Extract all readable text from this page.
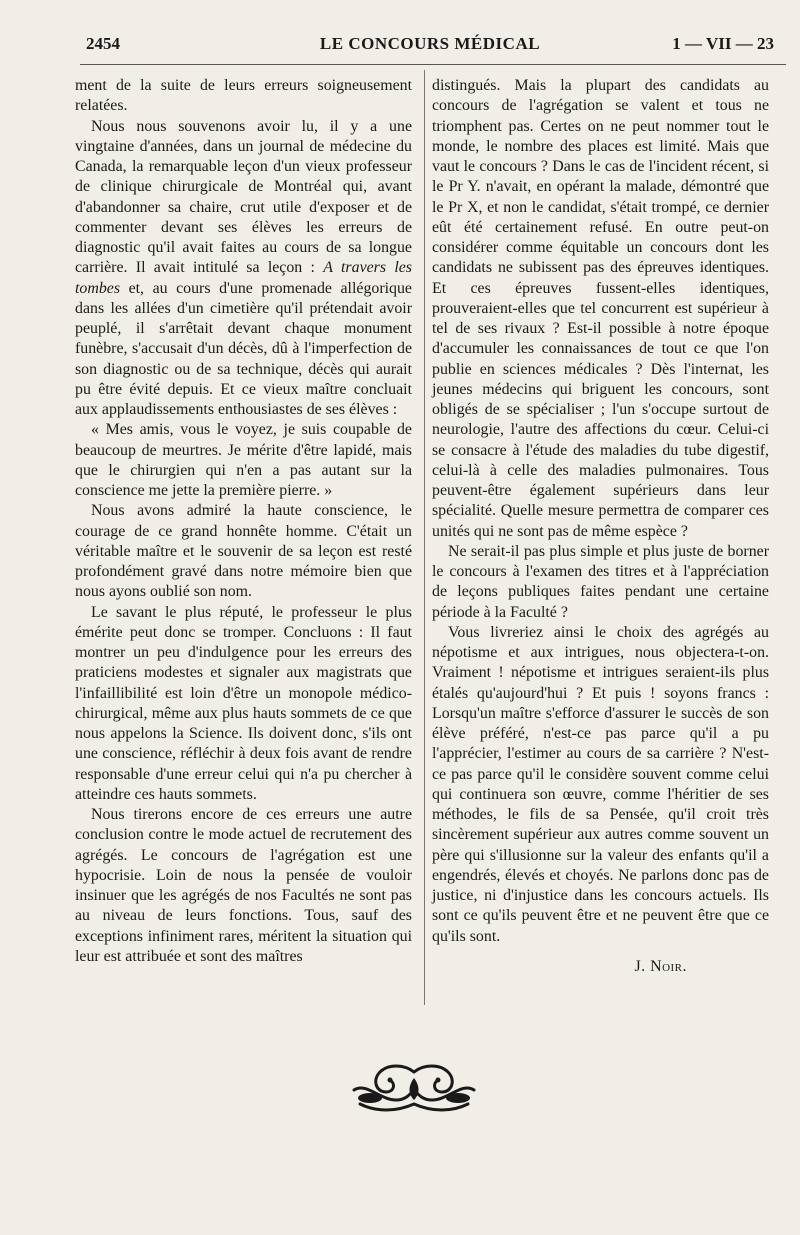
2454	LE CONCOURS MÉDICAL	1 — VII — 23

ment de la suite de leurs erreurs soigneusement relatées.

Nous nous souvenons avoir lu, il y a une vingtaine d'années, dans un journal de médecine du Canada, la remarquable leçon d'un vieux professeur de clinique chirurgicale de Montréal qui, avant d'abandonner sa chaire, crut utile d'exposer et de commenter devant ses élèves les erreurs de diagnostic qu'il avait faites au cours de sa longue carrière. Il avait intitulé sa leçon : A travers les tombes et, au cours d'une promenade allégorique dans les allées d'un cimetière qu'il prétendait avoir peuplé, il s'arrêtait devant chaque monument funèbre, s'accusait d'un décès, dû à l'imperfection de son diagnostic ou de sa technique, décès qui aurait pu être évité depuis. Et ce vieux maître concluait aux applaudissements enthousiastes de ses élèves :

« Mes amis, vous le voyez, je suis coupable de beaucoup de meurtres. Je mérite d'être lapidé, mais que le chirurgien qui n'en a pas autant sur la conscience me jette la première pierre. »

Nous avons admiré la haute conscience, le courage de ce grand honnête homme. C'était un véritable maître et le souvenir de sa leçon est resté profondément gravé dans notre mémoire bien que nous ayons oublié son nom.

Le savant le plus réputé, le professeur le plus émérite peut donc se tromper. Concluons : Il faut montrer un peu d'indulgence pour les erreurs des praticiens modestes et signaler aux magistrats que l'infaillibilité est loin d'être un monopole médico-chirurgical, même aux plus hauts sommets de ce que nous appelons la Science. Ils doivent donc, s'ils ont une conscience, réfléchir à deux fois avant de rendre responsable d'une erreur celui qui n'a pu chercher à atteindre ces hauts sommets.

Nous tirerons encore de ces erreurs une autre conclusion contre le mode actuel de recrutement des agrégés. Le concours de l'agrégation est une hypocrisie. Loin de nous la pensée de vouloir insinuer que les agrégés de nos Facultés ne sont pas au niveau de leurs fonctions. Tous, sauf des exceptions infiniment rares, méritent la situation qui leur est attribuée et sont des maîtres

distingués. Mais la plupart des candidats au concours de l'agrégation se valent et tous ne triomphent pas. Certes on ne peut nommer tout le monde, le nombre des places est limité. Mais que vaut le concours ? Dans le cas de l'incident récent, si le Pr Y. n'avait, en opérant la malade, démontré que le Pr X, et non le candidat, s'était trompé, ce dernier eût été certainement refusé. En outre peut-on considérer comme équitable un concours dont les candidats ne subissent pas des épreuves identiques. Et ces épreuves fussent-elles identiques, prouveraient-elles que tel concurrent est supérieur à tel de ses rivaux ? Est-il possible à notre époque d'accumuler les connaissances de tout ce que l'on publie en sciences médicales ? Dès l'internat, les jeunes médecins qui briguent les concours, sont obligés de se spécialiser ; l'un s'occupe surtout de neurologie, l'autre des affections du cœur. Celui-ci se consacre à l'étude des maladies du tube digestif, celui-là à celle des maladies pulmonaires. Tous peuvent-être également supérieurs dans leur spécialité. Quelle mesure permettra de comparer ces unités qui ne sont pas de même espèce ?

Ne serait-il pas plus simple et plus juste de borner le concours à l'examen des titres et à l'appréciation de leçons publiques faites pendant une certaine période à la Faculté ?

Vous livreriez ainsi le choix des agrégés au népotisme et aux intrigues, nous objectera-t-on. Vraiment ! népotisme et intrigues seraient-ils plus étalés qu'aujourd'hui ? Et puis ! soyons francs : Lorsqu'un maître s'efforce d'assurer le succès de son élève préféré, n'est-ce pas parce qu'il a pu l'apprécier, l'estimer au cours de sa carrière ? N'est-ce pas parce qu'il le considère souvent comme celui qui continuera son œuvre, comme l'héritier de ses méthodes, le fils de sa Pensée, qu'il croit très sincèrement supérieur aux autres comme souvent un père qui s'illusionne sur la valeur des enfants qu'il a engendrés, élevés et choyés. Ne parlons donc pas de justice, ni d'injustice dans les concours actuels. Ils sont ce qu'ils peuvent être et ne peuvent être que ce qu'ils sont.

J. Noir.
